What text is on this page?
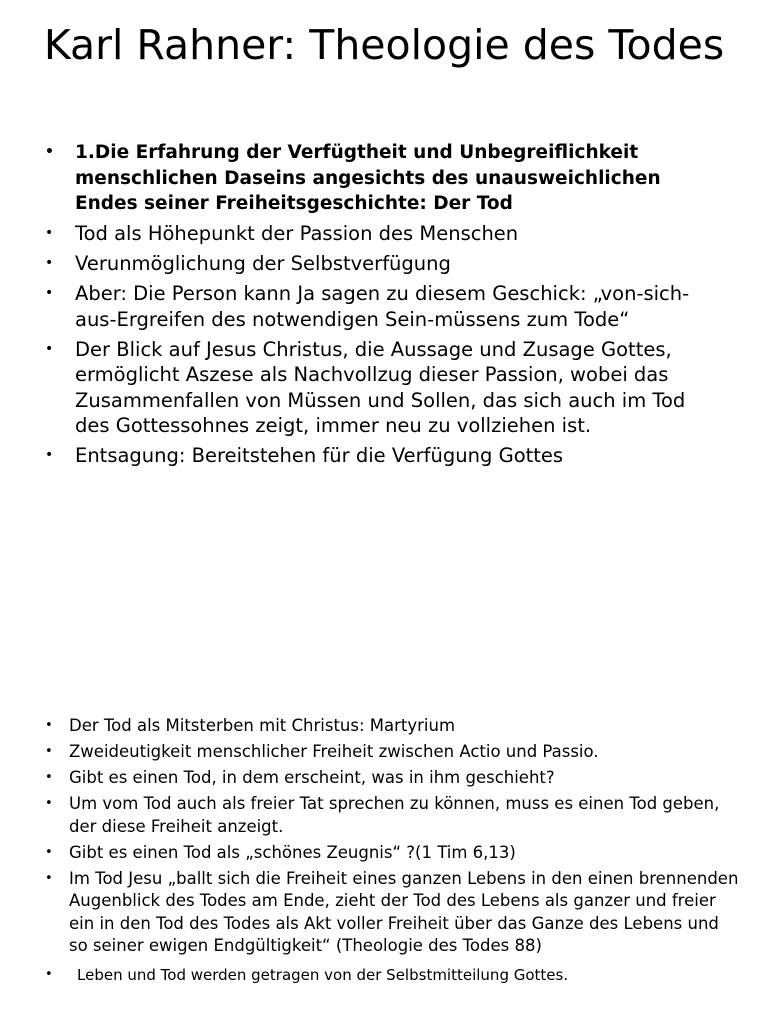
Karl Rahner: Theologie des Todes
• 1.Die Erfahrung der Verfügtheit und Unbegreiflichkeit menschlichen Daseins angesichts des unausweichlichen Endes seiner Freiheitsgeschichte: Der Tod
• Tod als Höhepunkt der Passion des Menschen
• Verunmöglichung der Selbstverfügung
• Aber: Die Person kann Ja sagen zu diesem Geschick: „von-sich-aus-Ergreifen des notwendigen Sein-müssens zum Tode“
• Der Blick auf Jesus Christus, die Aussage und Zusage Gottes, ermöglicht Aszese als Nachvollzug dieser Passion, wobei das Zusammenfallen von Müssen und Sollen, das sich auch im Tod des Gottessohnes zeigt, immer neu zu vollziehen ist.
• Entsagung: Bereitstehen für die Verfügung Gottes
• Der Tod als Mitsterben mit Christus: Martyrium
• Zweideutigkeit menschlicher Freiheit zwischen Actio und Passio.
• Gibt es einen Tod, in dem erscheint, was in ihm geschieht?
• Um vom Tod auch als freier Tat sprechen zu können, muss es einen Tod geben, der diese Freiheit anzeigt.
• Gibt es einen Tod als „schönes Zeugnis“ ?(1 Tim 6,13)
• Im Tod Jesu „ballt sich die Freiheit eines ganzen Lebens in den einen brennenden Augenblick des Todes am Ende, zieht der Tod des Lebens als ganzer und freier ein in den Tod des Todes als Akt voller Freiheit über das Ganze des Lebens und so seiner ewigen Endgültigkeit“ (Theologie des Todes 88)
• Leben und Tod werden getragen von der Selbstmitteilung Gottes.
